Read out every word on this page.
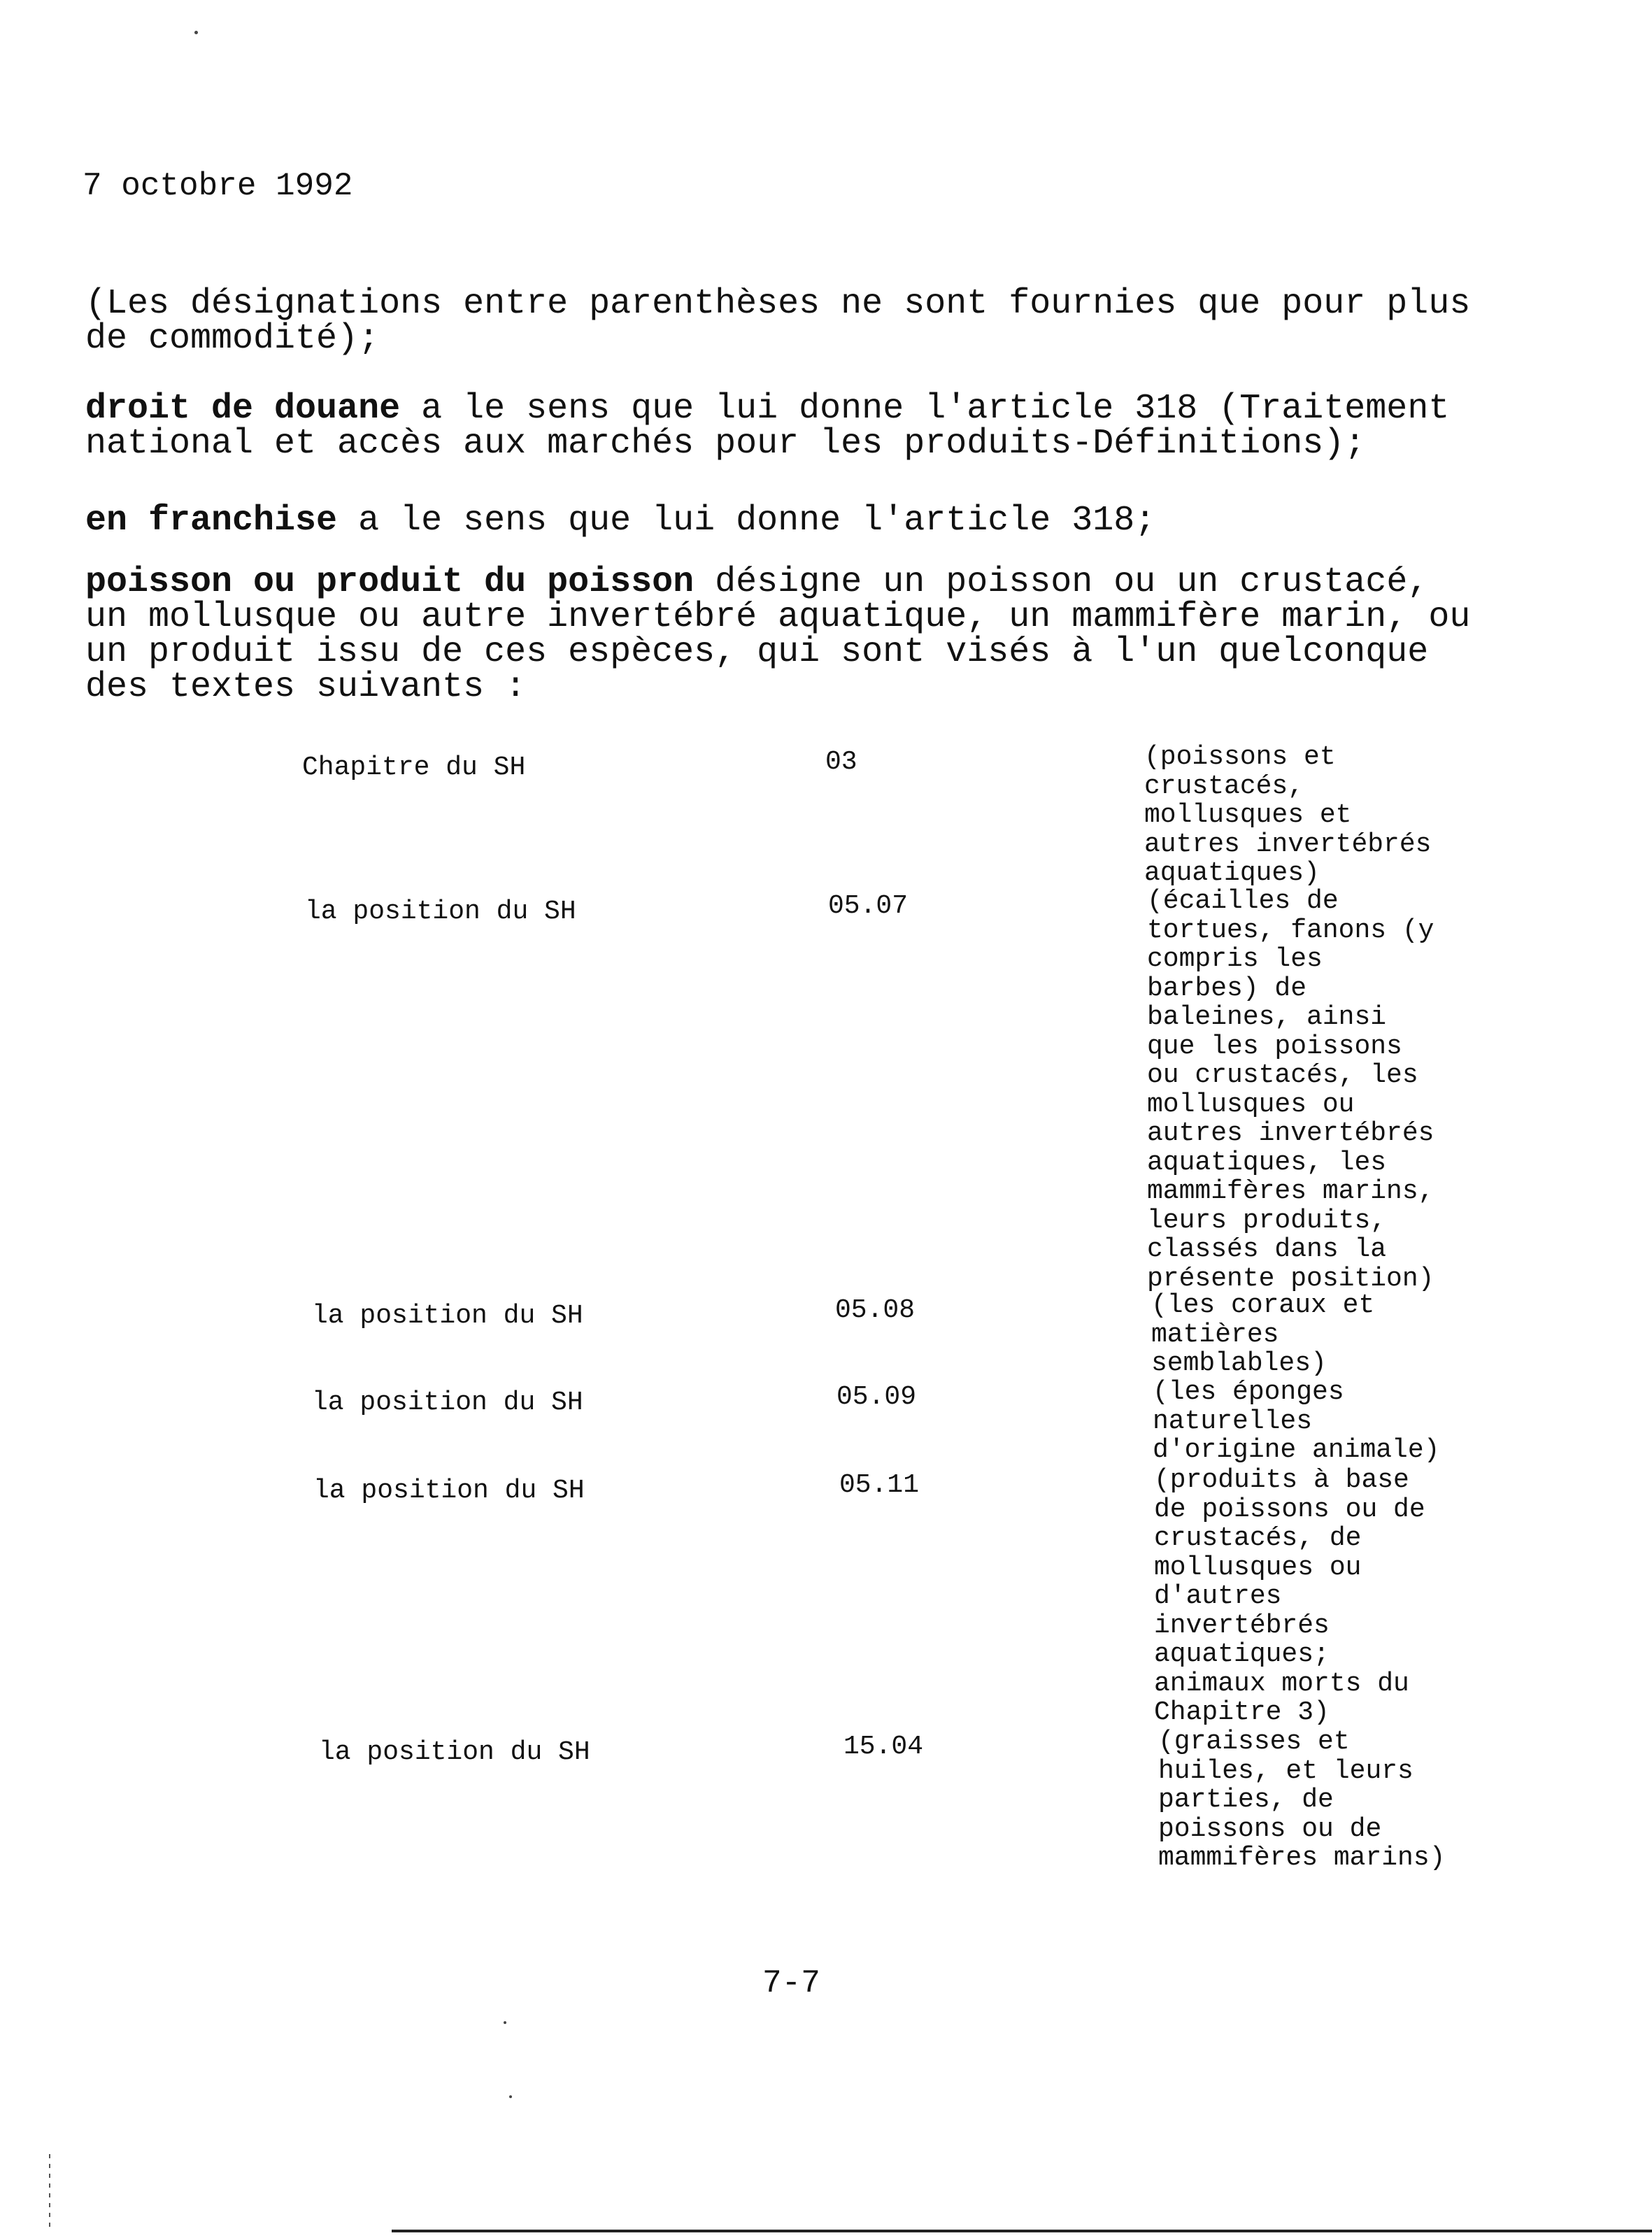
7 octobre 1992
(Les désignations entre parenthèses ne sont fournies que pour plus de commodité);
droit de douane a le sens que lui donne l'article 318 (Traitement national et accès aux marchés pour les produits-Définitions);
en franchise a le sens que lui donne l'article 318;
poisson ou produit du poisson désigne un poisson ou un crustacé, un mollusque ou autre invertébré aquatique, un mammifère marin, ou un produit issu de ces espèces, qui sont visés à l'un quelconque des textes suivants :
Chapitre du SH	03	(poissons et
crustacés,
mollusques et
autres invertébrés
aquatiques)
la position du SH	05.07	(écailles de
tortues, fanons (y
compris les
barbes) de
baleines, ainsi
que les poissons
ou crustacés, les
mollusques ou
autres invertébrés
aquatiques, les
mammifères marins,
leurs produits,
classés dans la
présente position)
la position du SH	05.08	(les coraux et
matières
semblables)
la position du SH	05.09	(les éponges
naturelles
d'origine animale)
la position du SH	05.11	(produits à base
de poissons ou de
crustacés, de
mollusques ou
d'autres
invertébrés
aquatiques;
animaux morts du
Chapitre 3)
la position du SH	15.04	(graisses et
huiles, et leurs
parties, de
poissons ou de
mammifères marins)
7-7
